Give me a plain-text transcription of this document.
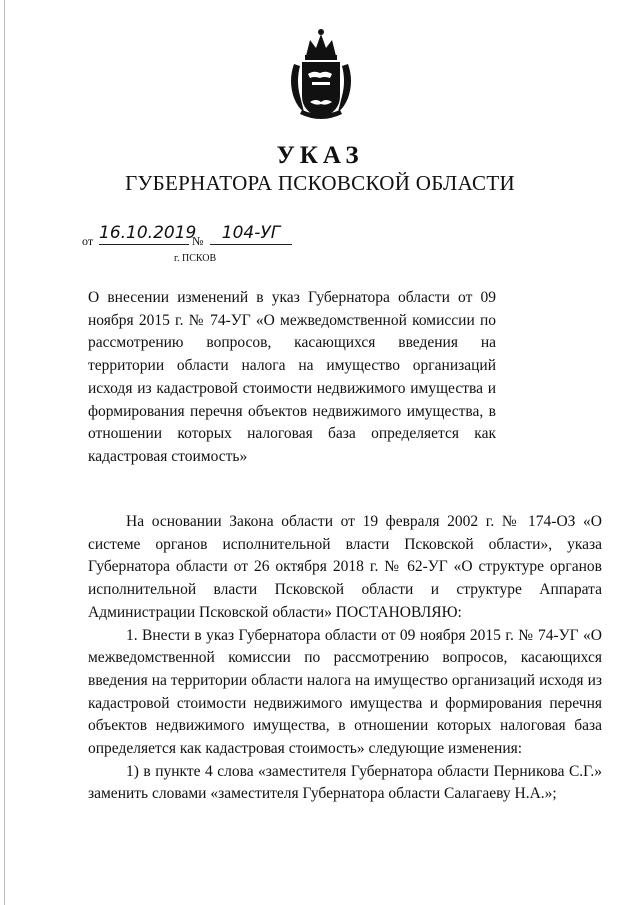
УКАЗ
ГУБЕРНАТОРА ПСКОВСКОЙ ОБЛАСТИ
от 16.10.2019
№	104-УГ
г. ПСКОВ
О внесении изменений в указ Губернатора области от 09 ноября 2015 г. № 74-УГ «О межведомственной комиссии по рассмотрению вопросов, касающихся введения на территории области налога на имущество организаций исходя из кадастровой стоимости недвижимого имущества и формирования перечня объектов недвижимого имущества, в отношении которых налоговая база определяется как кадастровая стоимость»

На основании Закона области от 19 февраля 2002 г. № 174-ОЗ «О системе органов исполнительной власти Псковской области», указа Губернатора области от 26 октября 2018 г. № 62-УГ «О структуре органов исполнительной власти Псковской области и структуре Аппарата Администрации Псковской области» ПОСТАНОВЛЯЮ:

1. Внести в указ Губернатора области от 09 ноября 2015 г. № 74-УГ «О межведомственной комиссии по рассмотрению вопросов, касающихся введения на территории области налога на имущество организаций исходя из кадастровой стоимости недвижимого имущества и формирования перечня объектов недвижимого имущества, в отношении которых налоговая база определяется как кадастровая стоимость» следующие изменения:

1) в пункте 4 слова «заместителя Губернатора области Перникова С.Г.» заменить словами «заместителя Губернатора области Салагаеву Н.А.»;
